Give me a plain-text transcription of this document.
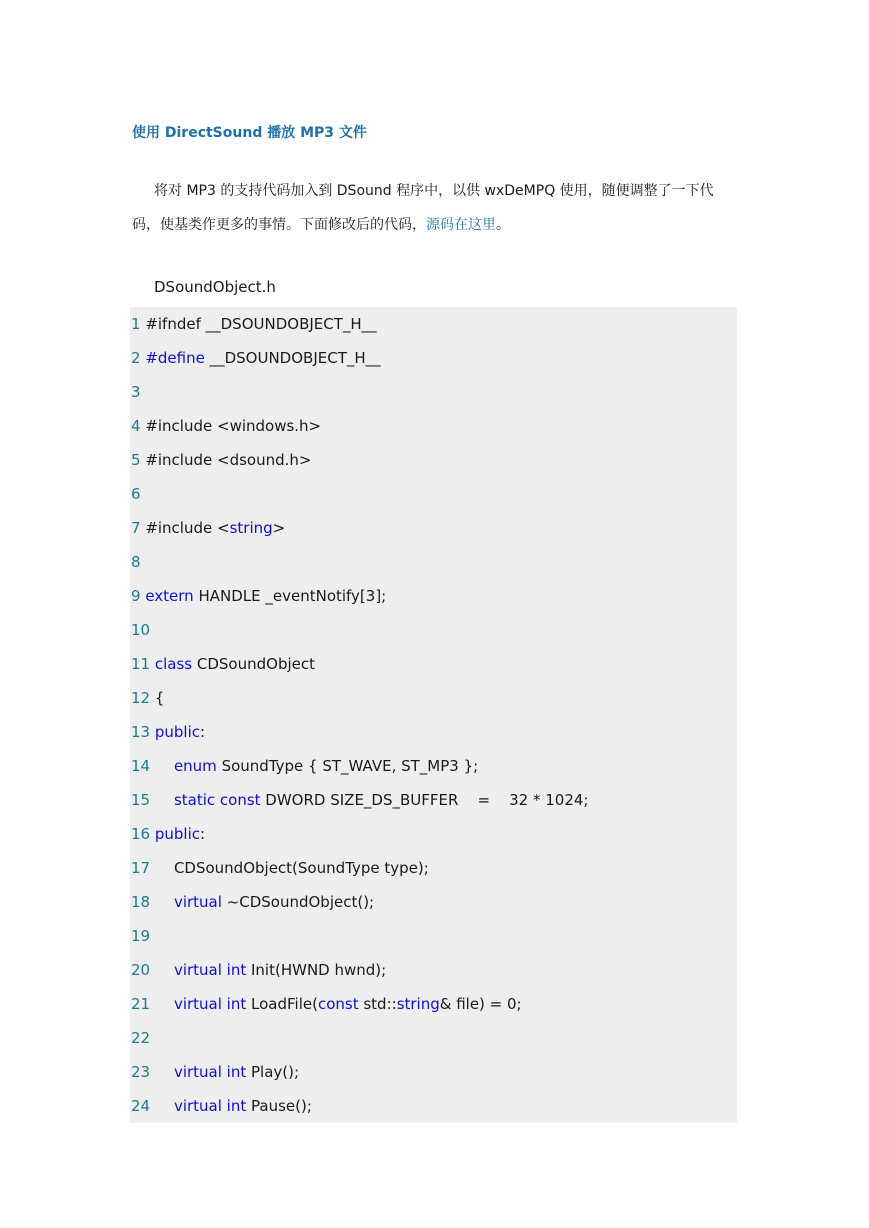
使用 DirectSound 播放 MP3 文件
将对 MP3 的支持代码加入到 DSound 程序中，以供 wxDeMPQ 使用，随便调整了一下代
码，使基类作更多的事情。下面修改后的代码，源码在这里。
DSoundObject.h
1 #ifndef __DSOUNDOBJECT_H__
2 #define __DSOUNDOBJECT_H__
3
4 #include <windows.h>
5 #include <dsound.h>
6
7 #include <string>
8
9 extern HANDLE _eventNotify[3];
10
11 class CDSoundObject
12 {
13 public:
14     enum SoundType { ST_WAVE, ST_MP3 };
15     static const DWORD SIZE_DS_BUFFER    =    32 * 1024;
16 public:
17     CDSoundObject(SoundType type);
18     virtual ~CDSoundObject();
19
20     virtual int Init(HWND hwnd);
21     virtual int LoadFile(const std::string& file) = 0;
22
23     virtual int Play();
24     virtual int Pause();
